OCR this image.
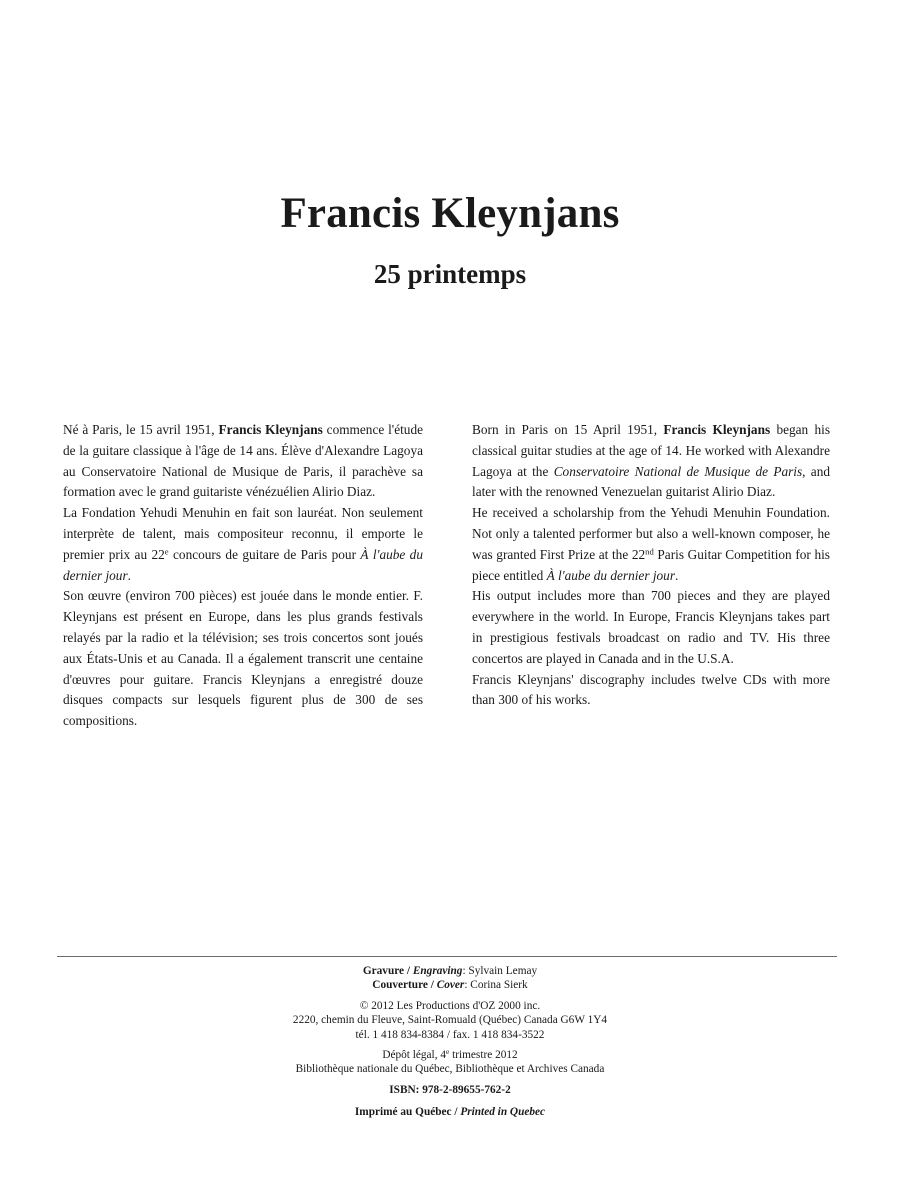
Francis Kleynjans
25 printemps

Né à Paris, le 15 avril 1951, Francis Kleynjans commence l'étude de la guitare classique à l'âge de 14 ans. Élève d'Alexandre Lagoya au Conservatoire National de Musique de Paris, il parachève sa formation avec le grand guitariste vénézuélien Alirio Diaz.

La Fondation Yehudi Menuhin en fait son lauréat. Non seulement interprète de talent, mais compositeur reconnu, il emporte le premier prix au 22e concours de guitare de Paris pour À l'aube du dernier jour.

Son œuvre (environ 700 pièces) est jouée dans le monde entier. F. Kleynjans est présent en Europe, dans les plus grands festivals relayés par la radio et la télévision; ses trois concertos sont joués aux États-Unis et au Canada. Il a également transcrit une centaine d'œuvres pour guitare. Francis Kleynjans a enregistré douze disques compacts sur lesquels figurent plus de 300 de ses compositions.

Born in Paris on 15 April 1951, Francis Kleynjans began his classical guitar studies at the age of 14. He worked with Alexandre Lagoya at the Conservatoire National de Musique de Paris, and later with the renowned Venezuelan guitarist Alirio Diaz.

He received a scholarship from the Yehudi Menuhin Foundation. Not only a talented performer but also a well-known composer, he was granted First Prize at the 22nd Paris Guitar Competition for his piece entitled À l'aube du dernier jour.

His output includes more than 700 pieces and they are played everywhere in the world. In Europe, Francis Kleynjans takes part in prestigious festivals broadcast on radio and TV. His three concertos are played in Canada and in the U.S.A.

Francis Kleynjans' discography includes twelve CDs with more than 300 of his works.

Gravure / Engraving: Sylvain Lemay
Couverture / Cover: Corina Sierk
© 2012 Les Productions d'OZ 2000 inc.
2220, chemin du Fleuve, Saint-Romuald (Québec) Canada G6W 1Y4
tél. 1 418 834-8384 / fax. 1 418 834-3522
Dépôt légal, 4e trimestre 2012
Bibliothèque nationale du Québec, Bibliothèque et Archives Canada
ISBN: 978-2-89655-762-2
Imprimé au Québec / Printed in Quebec
